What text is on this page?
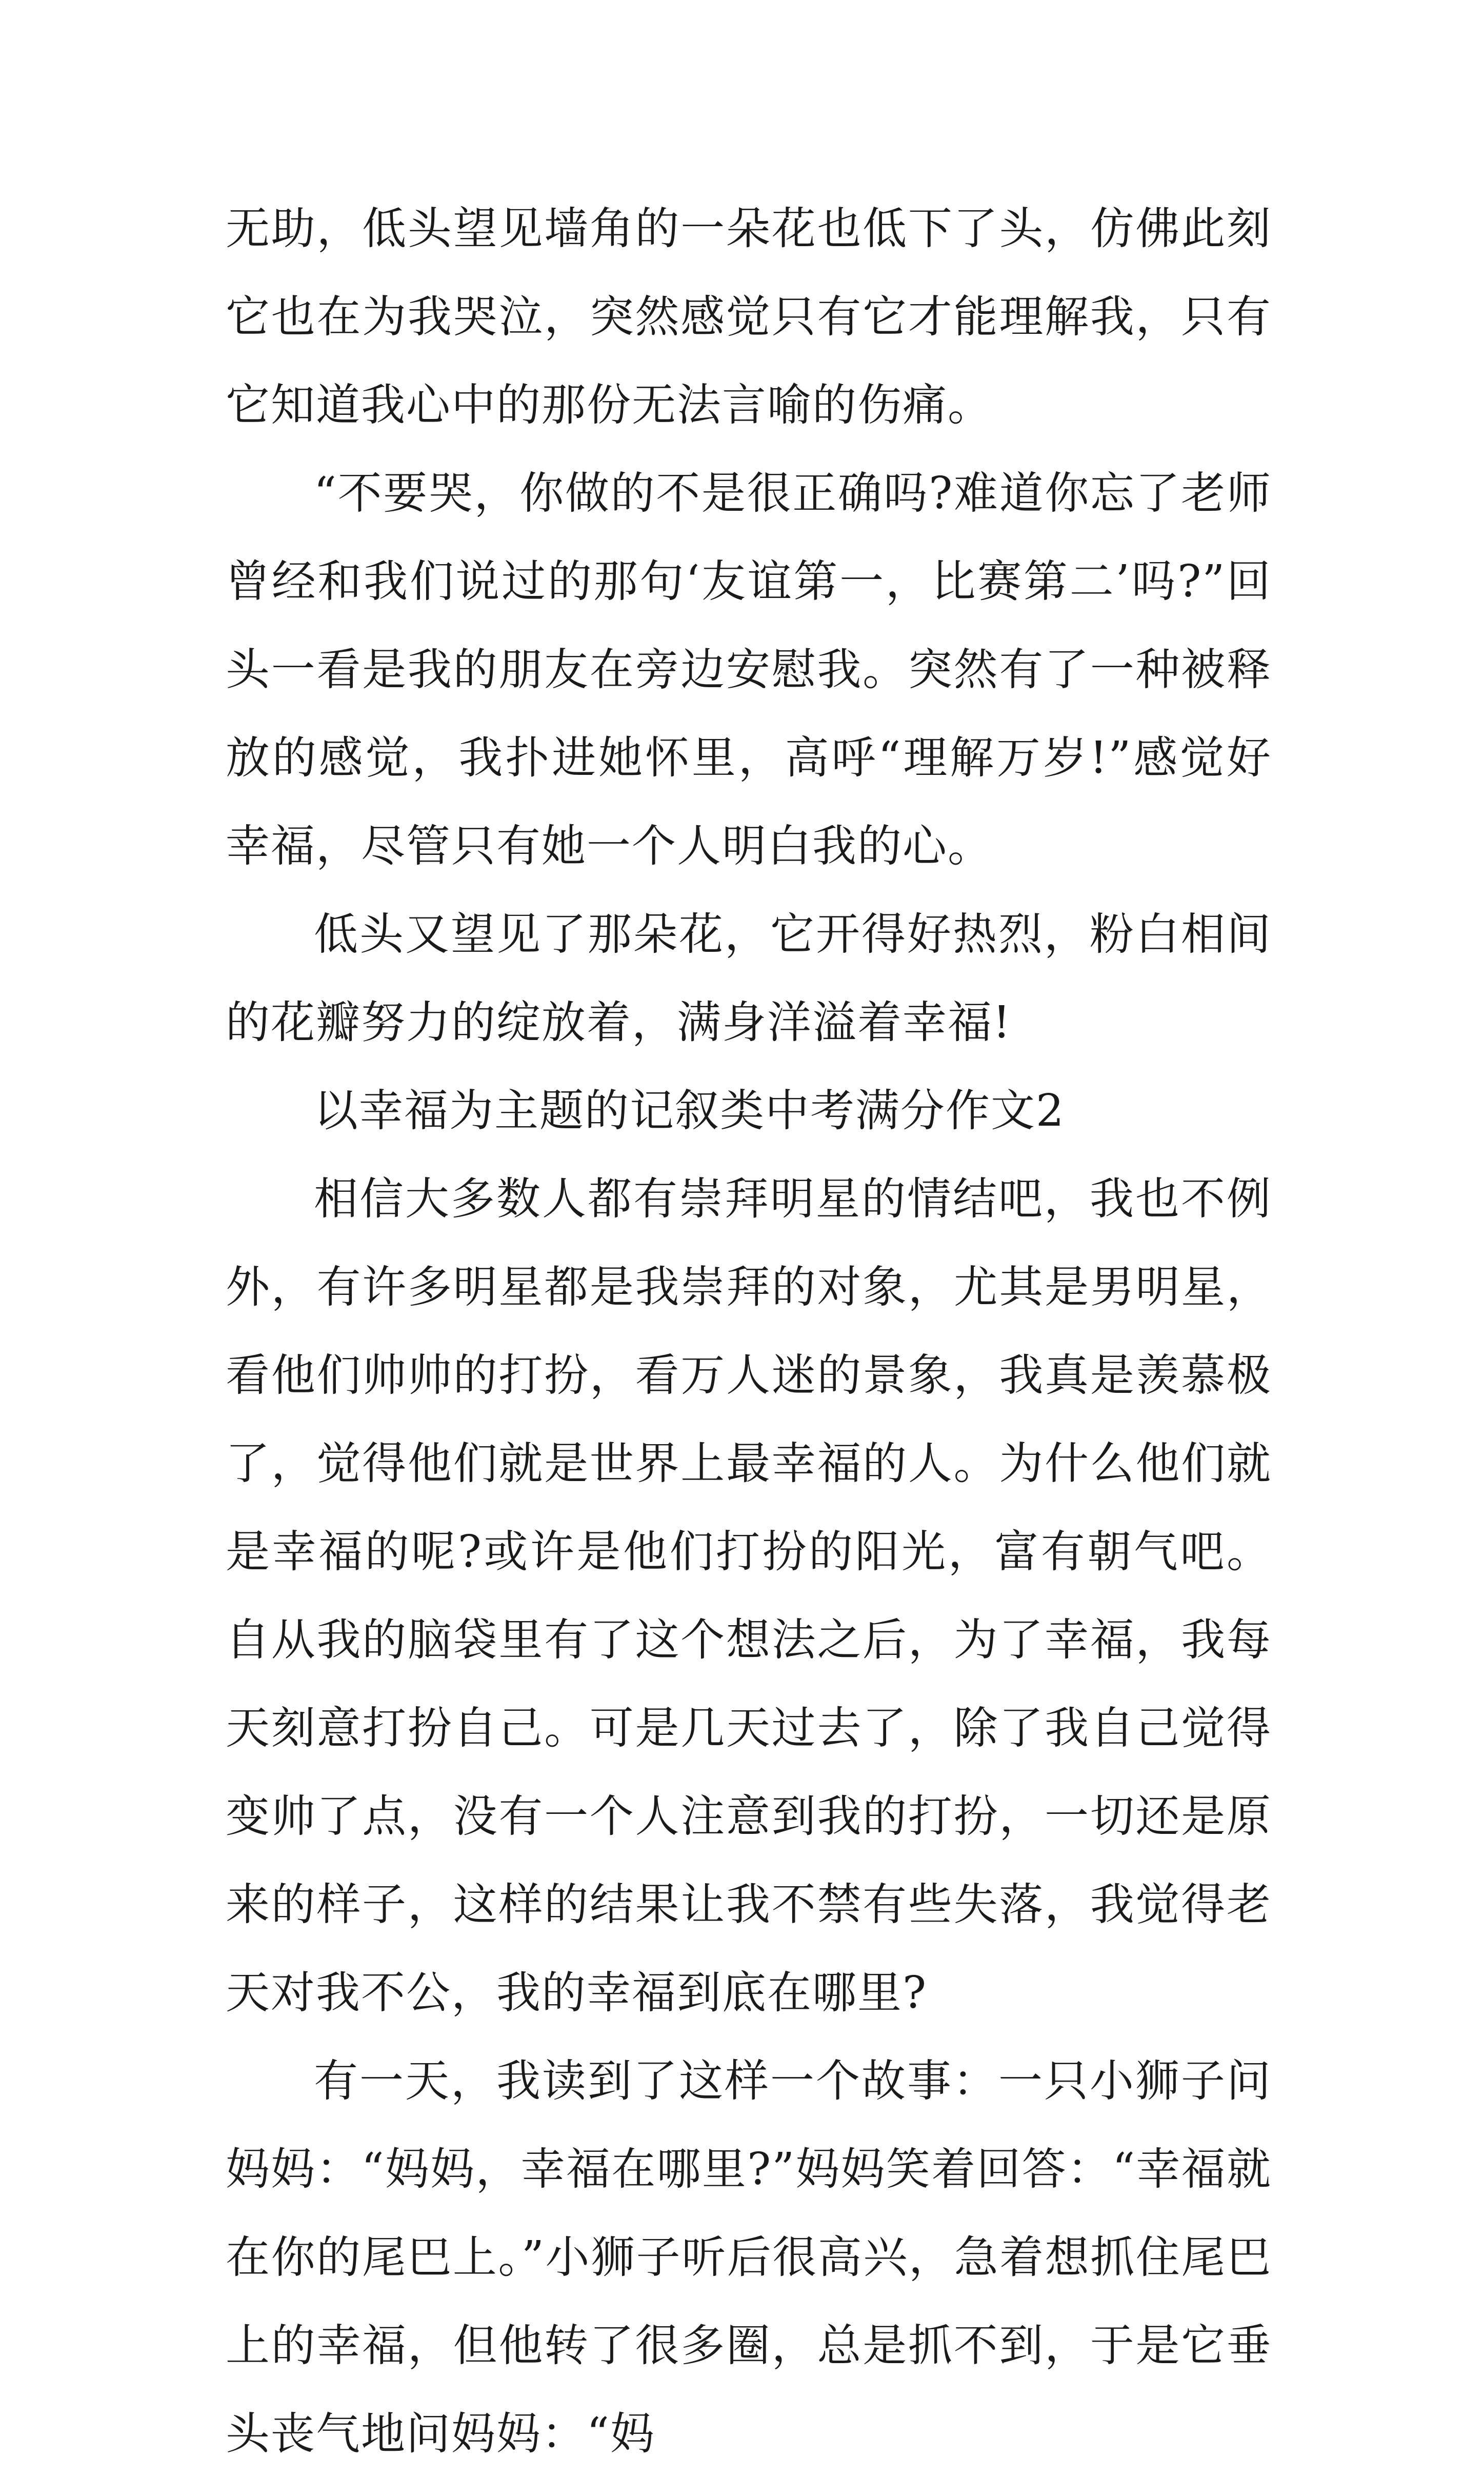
无助，低头望见墙角的一朵花也低下了头，仿佛此刻它也在为我哭泣，突然感觉只有它才能理解我，只有它知道我心中的那份无法言喻的伤痛。

“不要哭，你做的不是很正确吗?难道你忘了老师曾经和我们说过的那句‘友谊第一，比赛第二’吗?”回头一看是我的朋友在旁边安慰我。突然有了一种被释放的感觉，我扑进她怀里，高呼“理解万岁!”感觉好幸福，尽管只有她一个人明白我的心。

低头又望见了那朵花，它开得好热烈，粉白相间的花瓣努力的绽放着，满身洋溢着幸福!

以幸福为主题的记叙类中考满分作文2

相信大多数人都有崇拜明星的情结吧，我也不例外，有许多明星都是我崇拜的对象，尤其是男明星，看他们帅帅的打扮，看万人迷的景象，我真是羡慕极了，觉得他们就是世界上最幸福的人。为什么他们就是幸福的呢?或许是他们打扮的阳光，富有朝气吧。自从我的脑袋里有了这个想法之后，为了幸福，我每天刻意打扮自己。可是几天过去了，除了我自己觉得变帅了点，没有一个人注意到我的打扮，一切还是原来的样子，这样的结果让我不禁有些失落，我觉得老天对我不公，我的幸福到底在哪里?

有一天，我读到了这样一个故事：一只小狮子问妈妈：“妈妈，幸福在哪里?”妈妈笑着回答：“幸福就在你的尾巴上。”小狮子听后很高兴，急着想抓住尾巴上的幸福，但他转了很多圈，总是抓不到，于是它垂头丧气地问妈妈：“妈
